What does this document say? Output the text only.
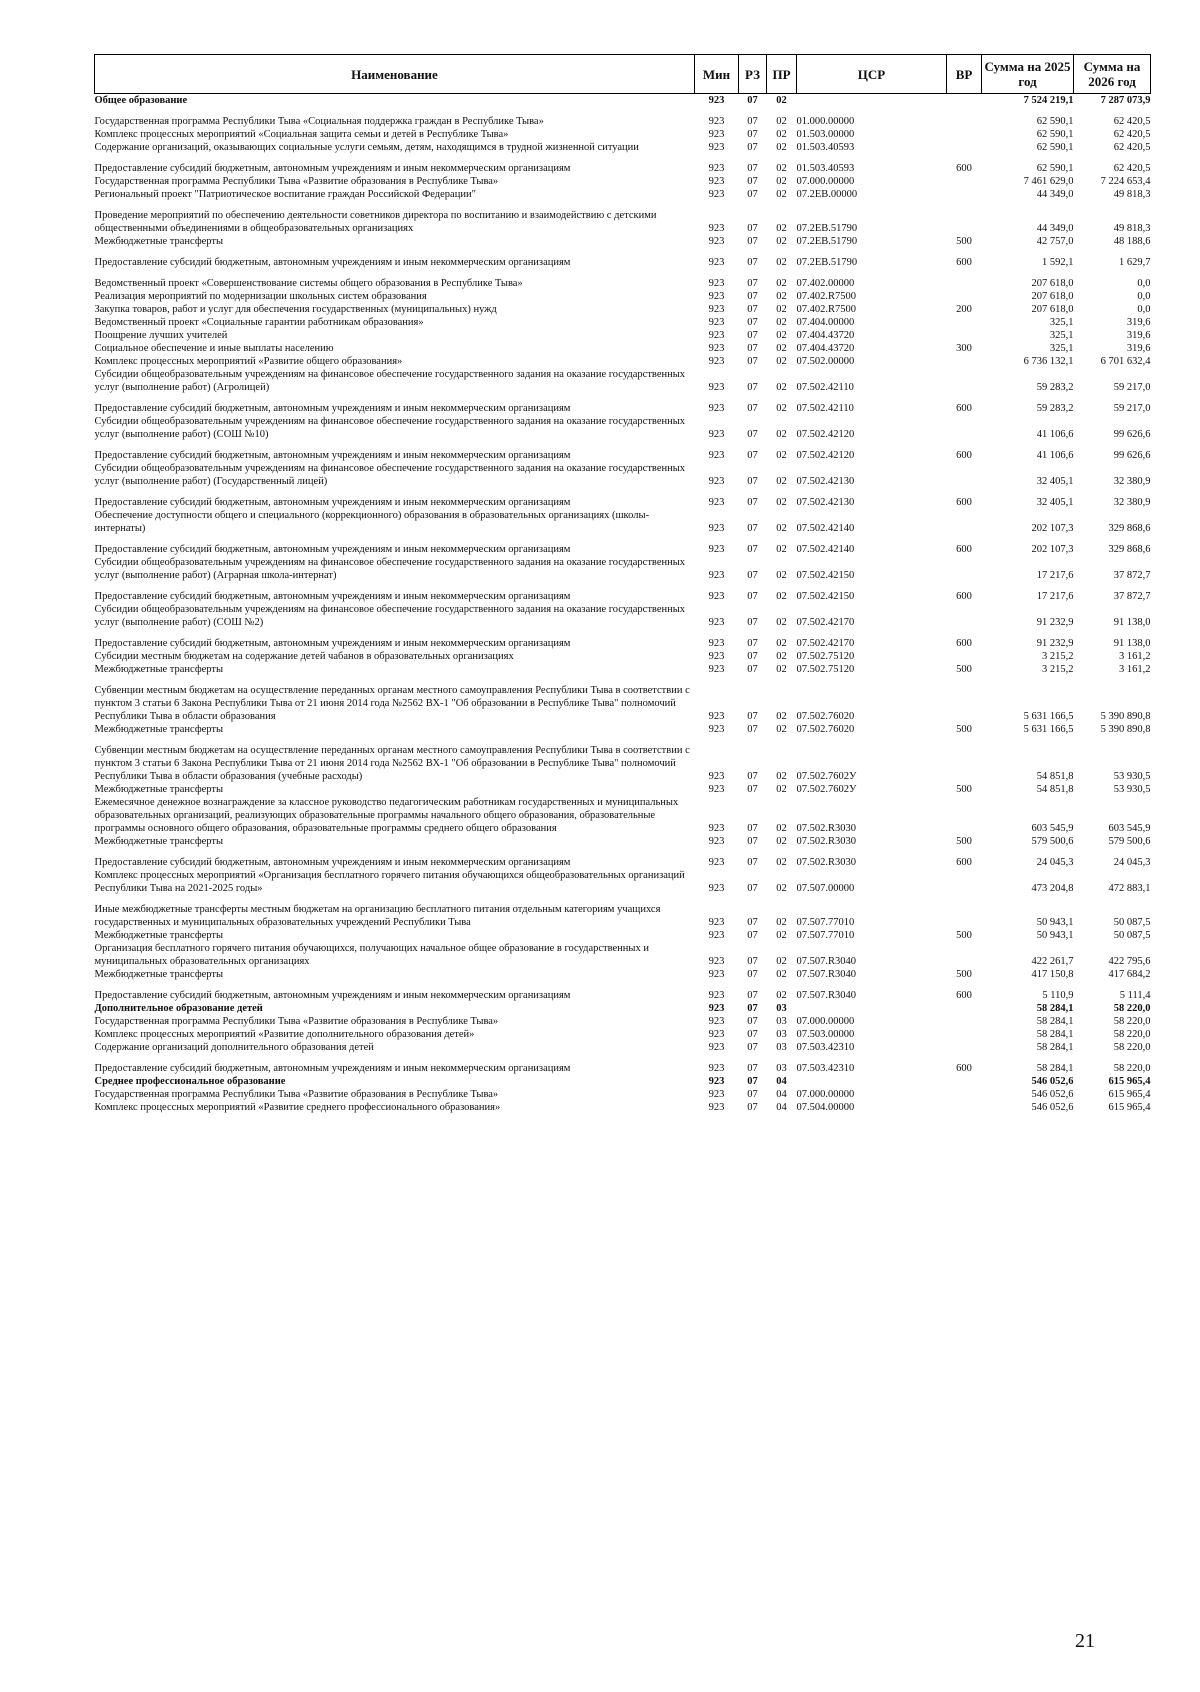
Наименование	Мин	РЗ	ПР	ЦСР	ВР	Сумма на 2025 год	Сумма на 2026 год
Общее образование	923	07	02			7 524 219,1	7 287 073,9
Государственная программа Республики Тыва «Социальная поддержка граждан в Республике Тыва»	923	07	02	01.000.00000		62 590,1	62 420,5
Комплекс процессных мероприятий «Социальная защита семьи и детей в Республике Тыва»	923	07	02	01.503.00000		62 590,1	62 420,5
Содержание организаций, оказывающих социальные услуги семьям, детям, находящимся в трудной жизненной ситуации	923	07	02	01.503.40593		62 590,1	62 420,5
Предоставление субсидий бюджетным, автономным учреждениям и иным некоммерческим организациям	923	07	02	01.503.40593	600	62 590,1	62 420,5
Государственная программа Республики Тыва «Развитие образования в Республике Тыва»	923	07	02	07.000.00000		7 461 629,0	7 224 653,4
Региональный проект "Патриотическое воспитание граждан Российской Федерации"	923	07	02	07.2ЕВ.00000		44 349,0	49 818,3
Проведение мероприятий по обеспечению деятельности советников директора по воспитанию и взаимодействию с детскими общественными объединениями в общеобразовательных организациях	923	07	02	07.2ЕВ.51790		44 349,0	49 818,3
Межбюджетные трансферты	923	07	02	07.2ЕВ.51790	500	42 757,0	48 188,6
Предоставление субсидий бюджетным, автономным учреждениям и иным некоммерческим организациям	923	07	02	07.2ЕВ.51790	600	1 592,1	1 629,7
Ведомственный проект «Совершенствование системы общего образования в Республике Тыва»	923	07	02	07.402.00000		207 618,0	0,0
Реализация мероприятий по модернизации школьных систем образования	923	07	02	07.402.R7500		207 618,0	0,0
Закупка товаров, работ и услуг для обеспечения государственных (муниципальных) нужд	923	07	02	07.402.R7500	200	207 618,0	0,0
Ведомственный проект «Социальные гарантии работникам образования»	923	07	02	07.404.00000		325,1	319,6
Поощрение лучших учителей	923	07	02	07.404.43720		325,1	319,6
Социальное обеспечение и иные выплаты населению	923	07	02	07.404.43720	300	325,1	319,6
Комплекс процессных мероприятий «Развитие общего образования»	923	07	02	07.502.00000		6 736 132,1	6 701 632,4
Субсидии общеобразовательным учреждениям на финансовое обеспечение государственного задания на оказание государственных услуг (выполнение работ) (Агролицей)	923	07	02	07.502.42110		59 283,2	59 217,0
Предоставление субсидий бюджетным, автономным учреждениям и иным некоммерческим организациям	923	07	02	07.502.42110	600	59 283,2	59 217,0
Субсидии общеобразовательным учреждениям на финансовое обеспечение государственного задания на оказание государственных услуг (выполнение работ) (СОШ №10)	923	07	02	07.502.42120		41 106,6	99 626,6
Предоставление субсидий бюджетным, автономным учреждениям и иным некоммерческим организациям	923	07	02	07.502.42120	600	41 106,6	99 626,6
Субсидии общеобразовательным учреждениям на финансовое обеспечение государственного задания на оказание государственных услуг (выполнение работ) (Государственный лицей)	923	07	02	07.502.42130		32 405,1	32 380,9
Предоставление субсидий бюджетным, автономным учреждениям и иным некоммерческим организациям	923	07	02	07.502.42130	600	32 405,1	32 380,9
Обеспечение доступности общего и специального (коррекционного) образования в образовательных организациях (школы-интернаты)	923	07	02	07.502.42140		202 107,3	329 868,6
Предоставление субсидий бюджетным, автономным учреждениям и иным некоммерческим организациям	923	07	02	07.502.42140	600	202 107,3	329 868,6
Субсидии общеобразовательным учреждениям на финансовое обеспечение государственного задания на оказание государственных услуг (выполнение работ) (Аграрная школа-интернат)	923	07	02	07.502.42150		17 217,6	37 872,7
Предоставление субсидий бюджетным, автономным учреждениям и иным некоммерческим организациям	923	07	02	07.502.42150	600	17 217,6	37 872,7
Субсидии общеобразовательным учреждениям на финансовое обеспечение государственного задания на оказание государственных услуг (выполнение работ) (СОШ №2)	923	07	02	07.502.42170		91 232,9	91 138,0
Предоставление субсидий бюджетным, автономным учреждениям и иным некоммерческим организациям	923	07	02	07.502.42170	600	91 232,9	91 138,0
Субсидии местным бюджетам на содержание детей чабанов в образовательных организациях	923	07	02	07.502.75120		3 215,2	3 161,2
Межбюджетные трансферты	923	07	02	07.502.75120	500	3 215,2	3 161,2
Субвенции местным бюджетам на осуществление переданных органам местного самоуправления Республики Тыва в соответствии с пунктом 3 статьи 6 Закона Республики Тыва от 21 июня 2014 года №2562 ВХ-1 "Об образовании в Республике Тыва" полномочий Республики Тыва в области образования	923	07	02	07.502.76020		5 631 166,5	5 390 890,8
Межбюджетные трансферты	923	07	02	07.502.76020	500	5 631 166,5	5 390 890,8
Субвенции местным бюджетам на осуществление переданных органам местного самоуправления Республики Тыва в соответствии с пунктом 3 статьи 6 Закона Республики Тыва от 21 июня 2014 года №2562 ВХ-1 "Об образовании в Республике Тыва" полномочий Республики Тыва в области образования (учебные расходы)	923	07	02	07.502.7602У		54 851,8	53 930,5
Межбюджетные трансферты	923	07	02	07.502.7602У	500	54 851,8	53 930,5
Ежемесячное денежное вознаграждение за классное руководство педагогическим работникам государственных и муниципальных образовательных организаций, реализующих образовательные программы начального общего образования, образовательные программы основного общего образования, образовательные программы среднего общего образования	923	07	02	07.502.R3030		603 545,9	603 545,9
Межбюджетные трансферты	923	07	02	07.502.R3030	500	579 500,6	579 500,6
Предоставление субсидий бюджетным, автономным учреждениям и иным некоммерческим организациям	923	07	02	07.502.R3030	600	24 045,3	24 045,3
Комплекс процессных мероприятий «Организация бесплатного горячего питания обучающихся общеобразовательных организаций Республики Тыва на 2021-2025 годы»	923	07	02	07.507.00000		473 204,8	472 883,1
Иные межбюджетные трансферты местным бюджетам на организацию бесплатного питания отдельным категориям учащихся государственных и муниципальных образовательных учреждений Республики Тыва	923	07	02	07.507.77010		50 943,1	50 087,5
Межбюджетные трансферты	923	07	02	07.507.77010	500	50 943,1	50 087,5
Организация бесплатного горячего питания обучающихся, получающих начальное общее образование в государственных и муниципальных образовательных организациях	923	07	02	07.507.R3040		422 261,7	422 795,6
Межбюджетные трансферты	923	07	02	07.507.R3040	500	417 150,8	417 684,2
Предоставление субсидий бюджетным, автономным учреждениям и иным некоммерческим организациям	923	07	02	07.507.R3040	600	5 110,9	5 111,4
Дополнительное образование детей	923	07	03			58 284,1	58 220,0
Государственная программа Республики Тыва «Развитие образования в Республике Тыва»	923	07	03	07.000.00000		58 284,1	58 220,0
Комплекс процессных мероприятий «Развитие дополнительного образования детей»	923	07	03	07.503.00000		58 284,1	58 220,0
Содержание организаций дополнительного образования детей	923	07	03	07.503.42310		58 284,1	58 220,0
Предоставление субсидий бюджетным, автономным учреждениям и иным некоммерческим организациям	923	07	03	07.503.42310	600	58 284,1	58 220,0
Среднее профессиональное образование	923	07	04			546 052,6	615 965,4
Государственная программа Республики Тыва «Развитие образования в Республике Тыва»	923	07	04	07.000.00000		546 052,6	615 965,4
Комплекс процессных мероприятий «Развитие среднего профессионального образования»	923	07	04	07.504.00000		546 052,6	615 965,4
21
